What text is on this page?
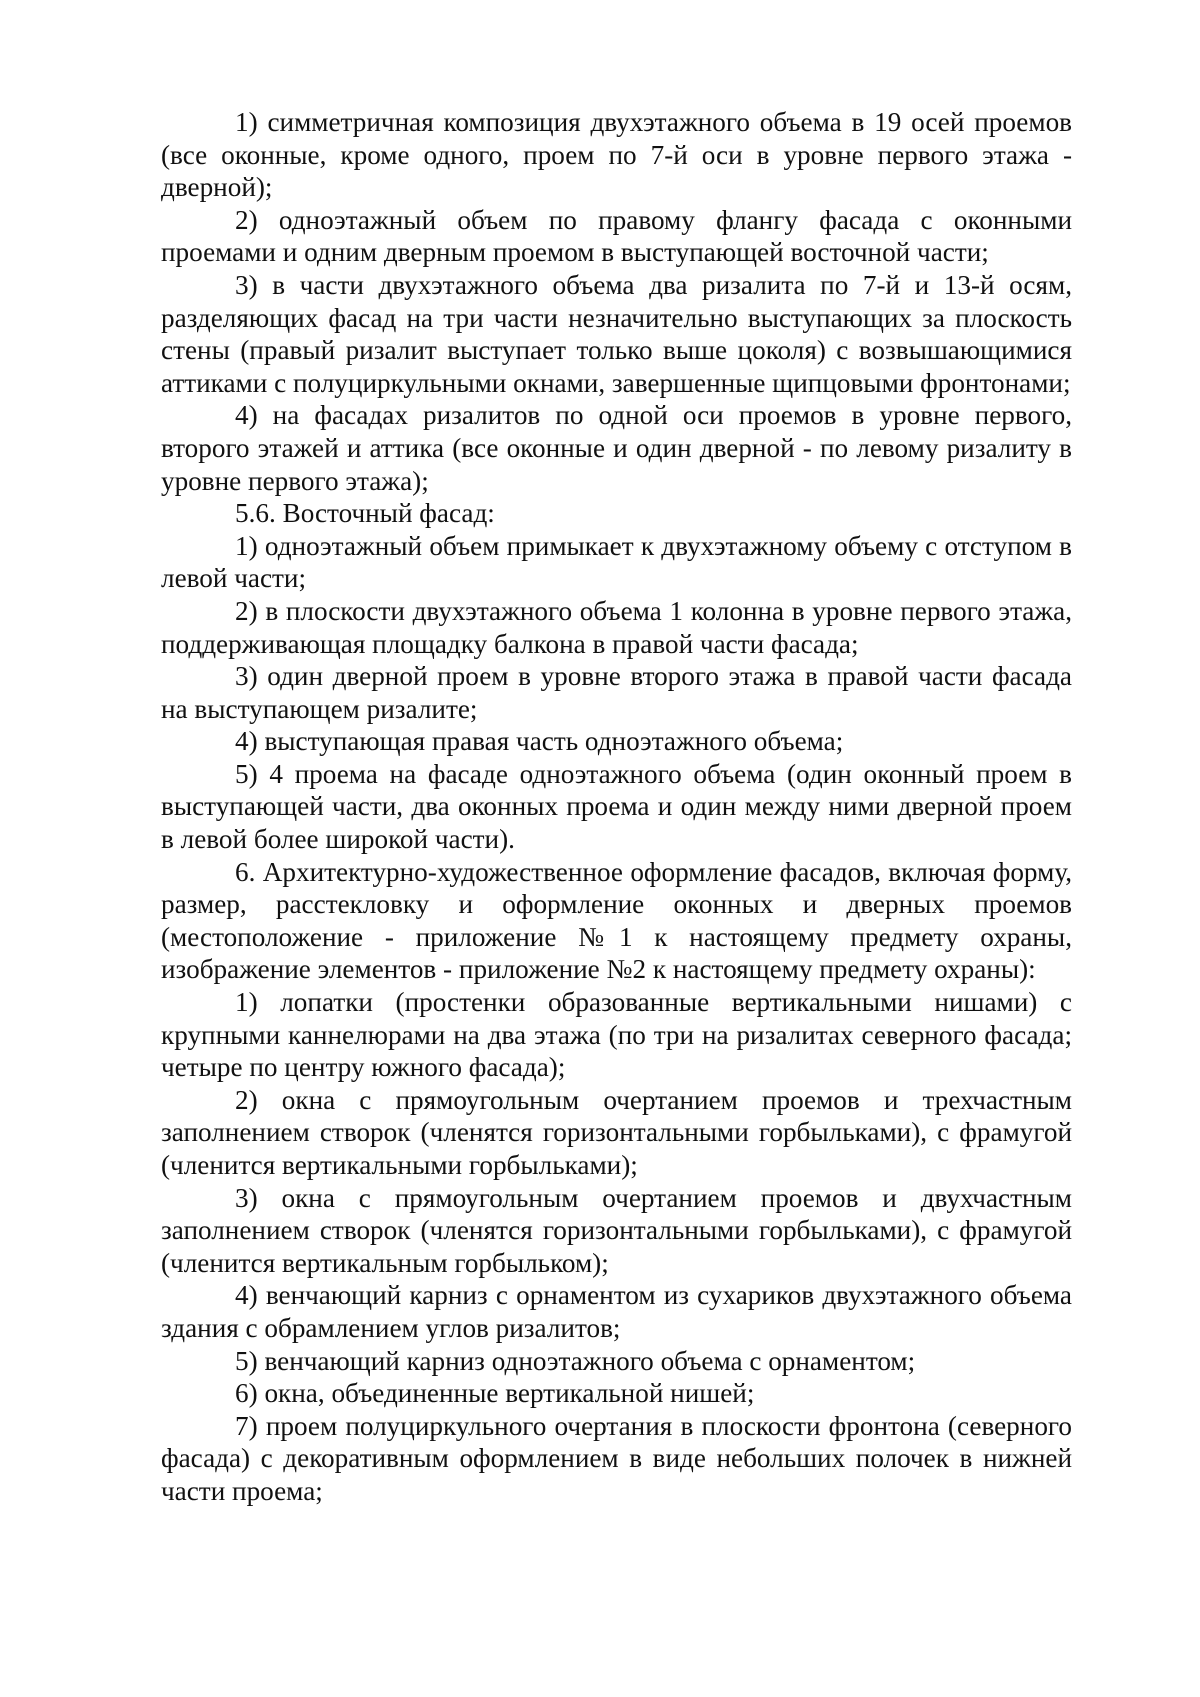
1) симметричная композиция двухэтажного объема в 19 осей проемов (все оконные, кроме одного, проем по 7-й оси в уровне первого этажа - дверной);

2) одноэтажный объем по правому флангу фасада с оконными проемами и одним дверным проемом в выступающей восточной части;

3) в части двухэтажного объема два ризалита по 7-й и 13-й осям, разделяющих фасад на три части незначительно выступающих за плоскость стены (правый ризалит выступает только выше цоколя) с возвышающимися аттиками с полуциркульными окнами, завершенные щипцовыми фронтонами;

4) на фасадах ризалитов по одной оси проемов в уровне первого, второго этажей и аттика (все оконные и один дверной - по левому ризалиту в уровне первого этажа);

5.6. Восточный фасад:

1) одноэтажный объем примыкает к двухэтажному объему с отступом в левой части;

2) в плоскости двухэтажного объема 1 колонна в уровне первого этажа, поддерживающая площадку балкона в правой части фасада;

3) один дверной проем в уровне второго этажа в правой части фасада на выступающем ризалите;

4) выступающая правая часть одноэтажного объема;

5) 4 проема на фасаде одноэтажного объема (один оконный проем в выступающей части, два оконных проема и один между ними дверной проем в левой более широкой части).

6. Архитектурно-художественное оформление фасадов, включая форму, размер, расстекловку и оформление оконных и дверных проемов (местоположение - приложение №1 к настоящему предмету охраны, изображение элементов - приложение №2 к настоящему предмету охраны):

1) лопатки (простенки образованные вертикальными нишами) с крупными каннелюрами на два этажа (по три на ризалитах северного фасада; четыре по центру южного фасада);

2) окна с прямоугольным очертанием проемов и трехчастным заполнением створок (членятся горизонтальными горбыльками), с фрамугой (членится вертикальными горбыльками);

3) окна с прямоугольным очертанием проемов и двухчастным заполнением створок (членятся горизонтальными горбыльками), с фрамугой (членится вертикальным горбыльком);

4) венчающий карниз с орнаментом из сухариков двухэтажного объема здания с обрамлением углов ризалитов;

5) венчающий карниз одноэтажного объема с орнаментом;

6) окна, объединенные вертикальной нишей;

7) проем полуциркульного очертания в плоскости фронтона (северного фасада) с декоративным оформлением в виде небольших полочек в нижней части проема;
